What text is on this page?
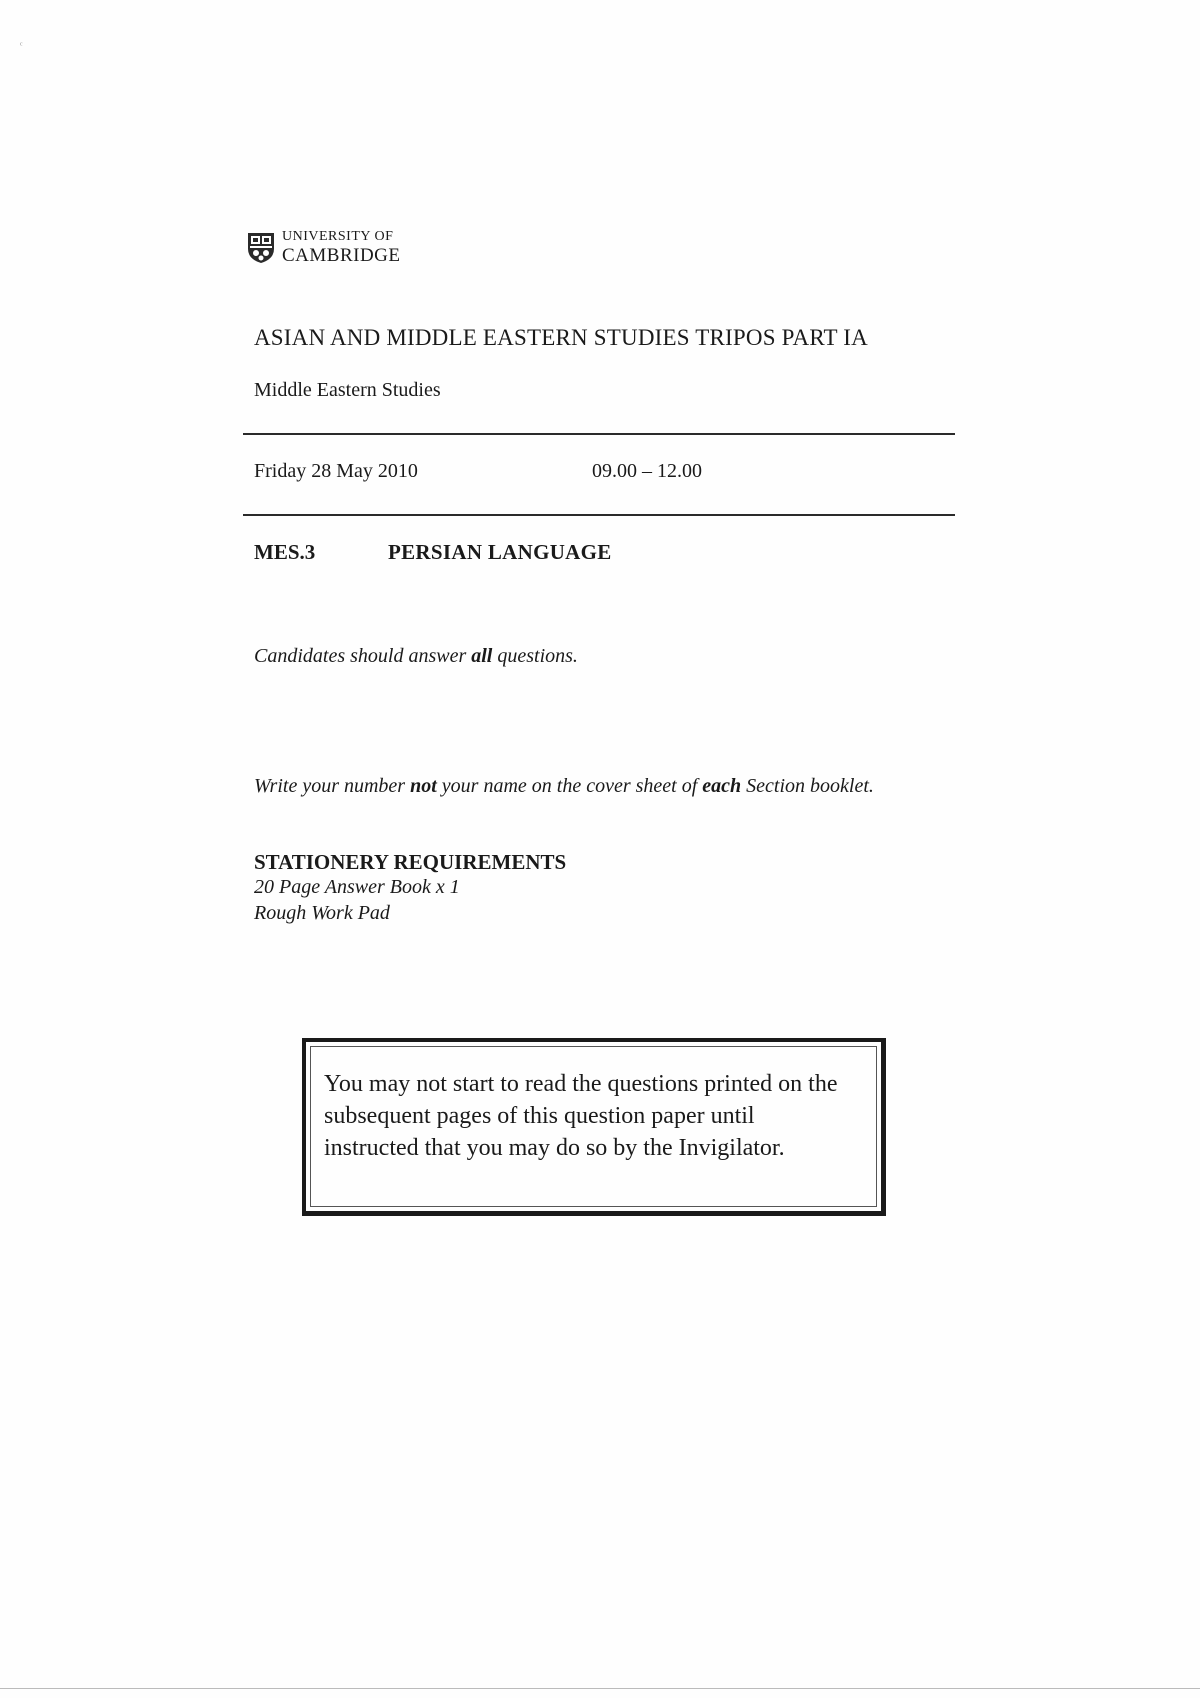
ᶜ
UNIVERSITY OF
CAMBRIDGE
ASIAN AND MIDDLE EASTERN STUDIES TRIPOS PART IA
Middle Eastern Studies
Friday 28 May 2010	09.00 – 12.00
MES.3	PERSIAN LANGUAGE
Candidates should answer all questions.
Write your number not your name on the cover sheet of each Section booklet.
STATIONERY REQUIREMENTS
20 Page Answer Book x 1
Rough Work Pad
You may not start to read the questions printed on the subsequent pages of this question paper until instructed that you may do so by the Invigilator.
